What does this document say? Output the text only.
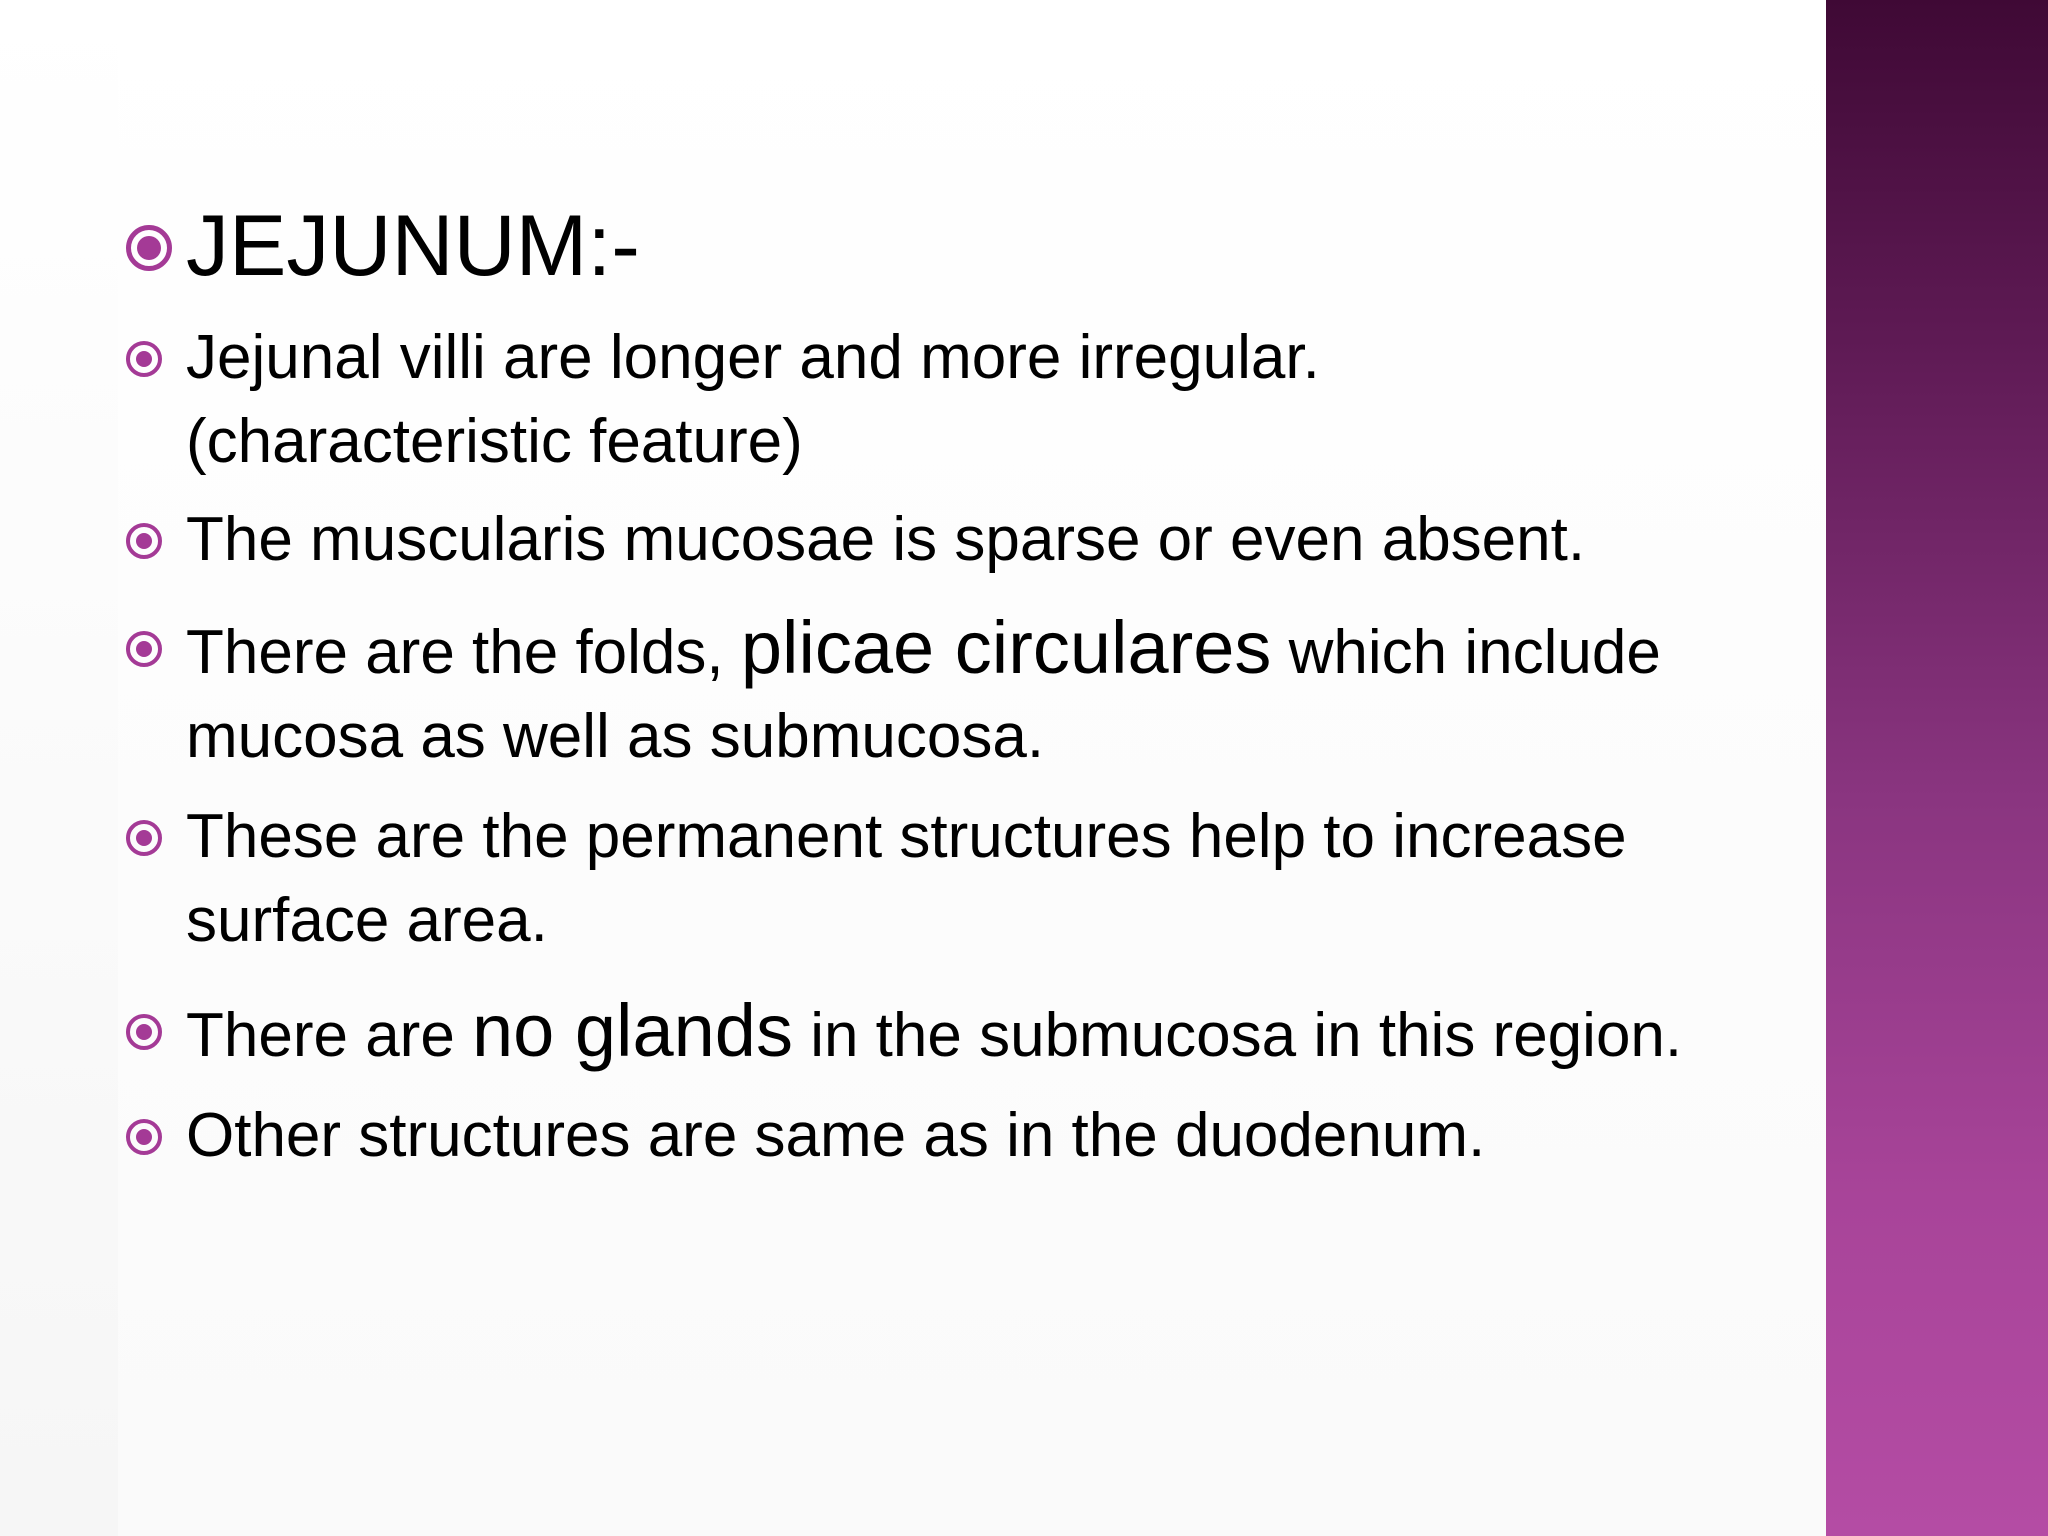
JEJUNUM:-
Jejunal villi are longer and more irregular. (characteristic feature)
The muscularis mucosae is sparse or even absent.
There are the folds, plicae circulares which include mucosa as well as submucosa.
These are the permanent structures help to increase surface area.
There are no glands in the submucosa in this region.
Other structures are same as in the duodenum.
